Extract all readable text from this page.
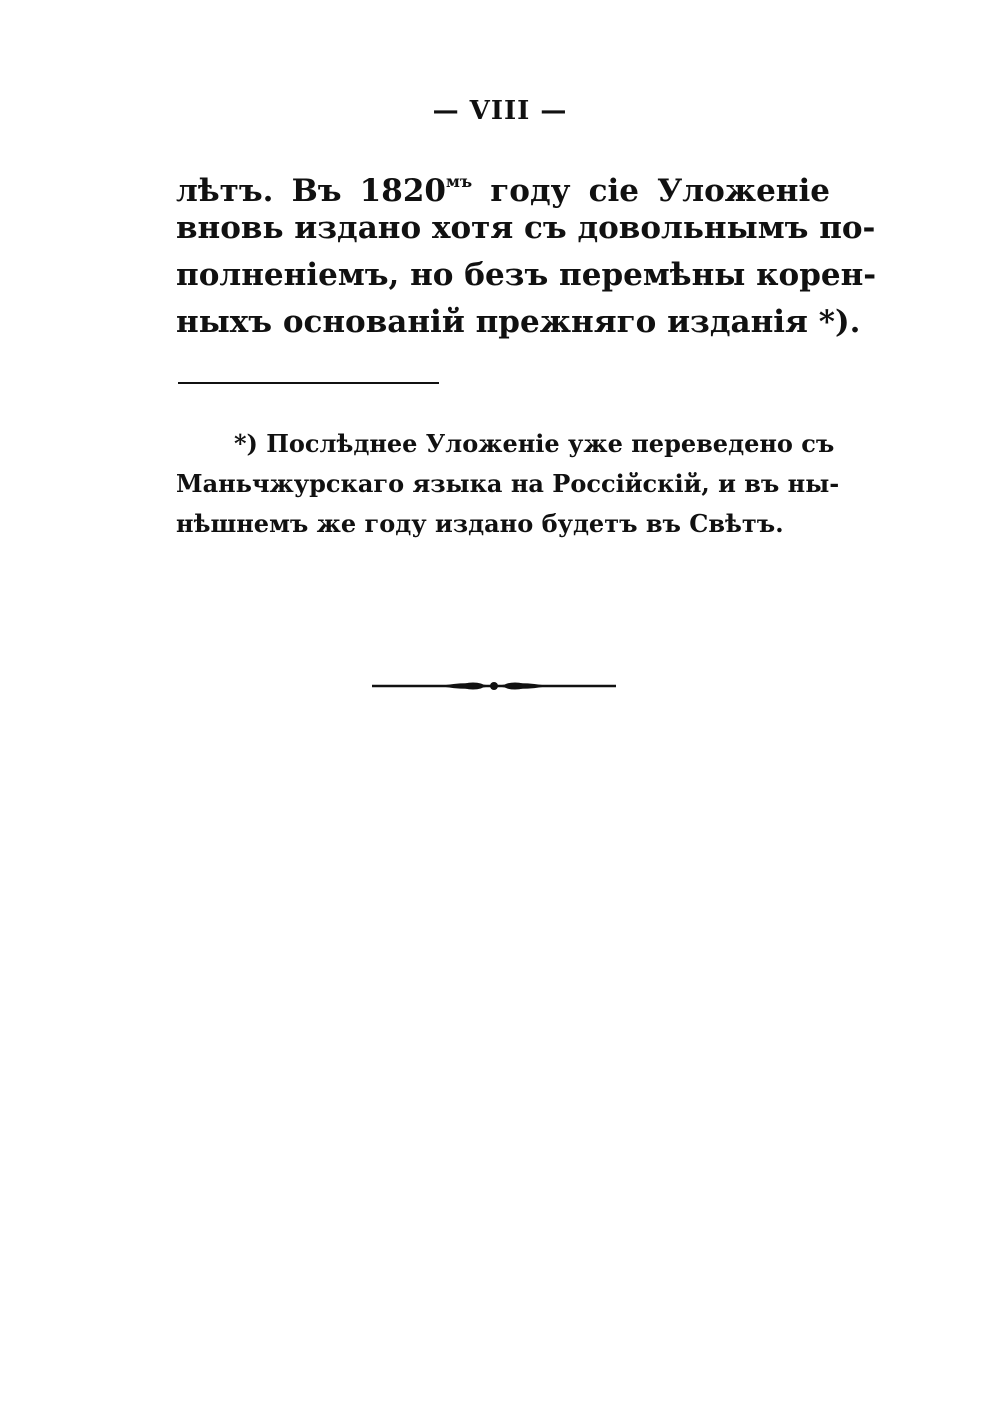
— VIII —
лѣтъ. Въ $1820^{мъ}$ году сіе Уложеніе
вновь издано хотя съ довольнымъ по-
полненіемъ, но безъ перемѣны корен-
ныхъ основаній прежняго изданія *).
*) Послѣднее Уложеніе уже переведено съ
Маньчжурскаго языка на Россійскій, и въ ны-
нѣшнемъ же году издано будетъ въ Свѣтъ.
